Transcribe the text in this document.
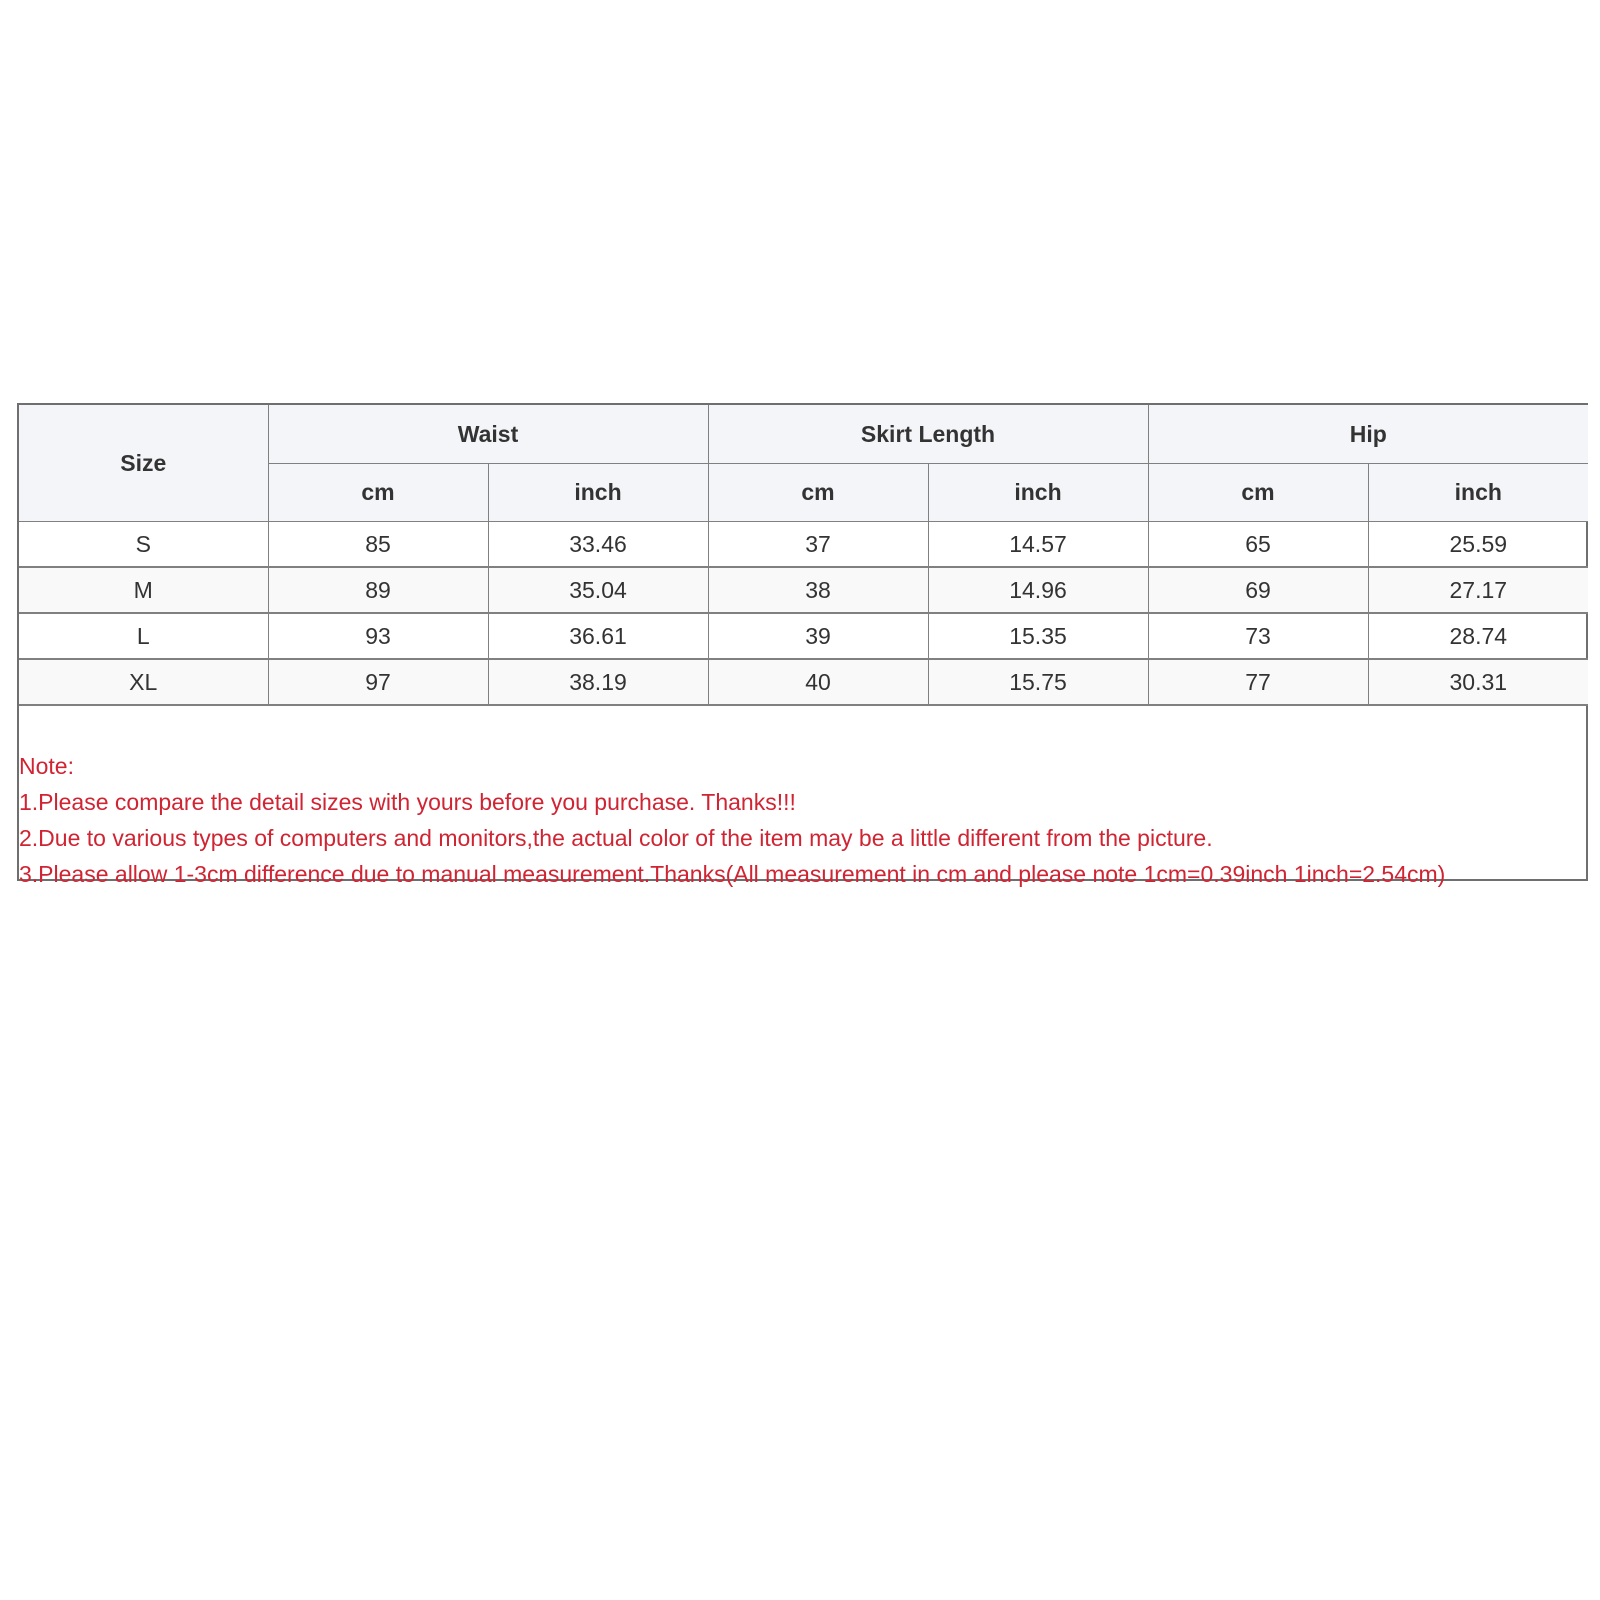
Size	Waist		Skirt Length		Hip	
	cm	inch	cm	inch	cm	inch
S	85	33.46	37	14.57	65	25.59
M	89	35.04	38	14.96	69	27.17
L	93	36.61	39	15.35	73	28.74
XL	97	38.19	40	15.75	77	30.31
Note:
1.Please compare the detail sizes with yours before you purchase. Thanks!!!
2.Due to various types of computers and monitors,the actual color of the item may be a little different from the picture.
3.Please allow 1-3cm difference due to manual measurement.Thanks(All measurement in cm and please note 1cm=0.39inch 1inch=2.54cm)
